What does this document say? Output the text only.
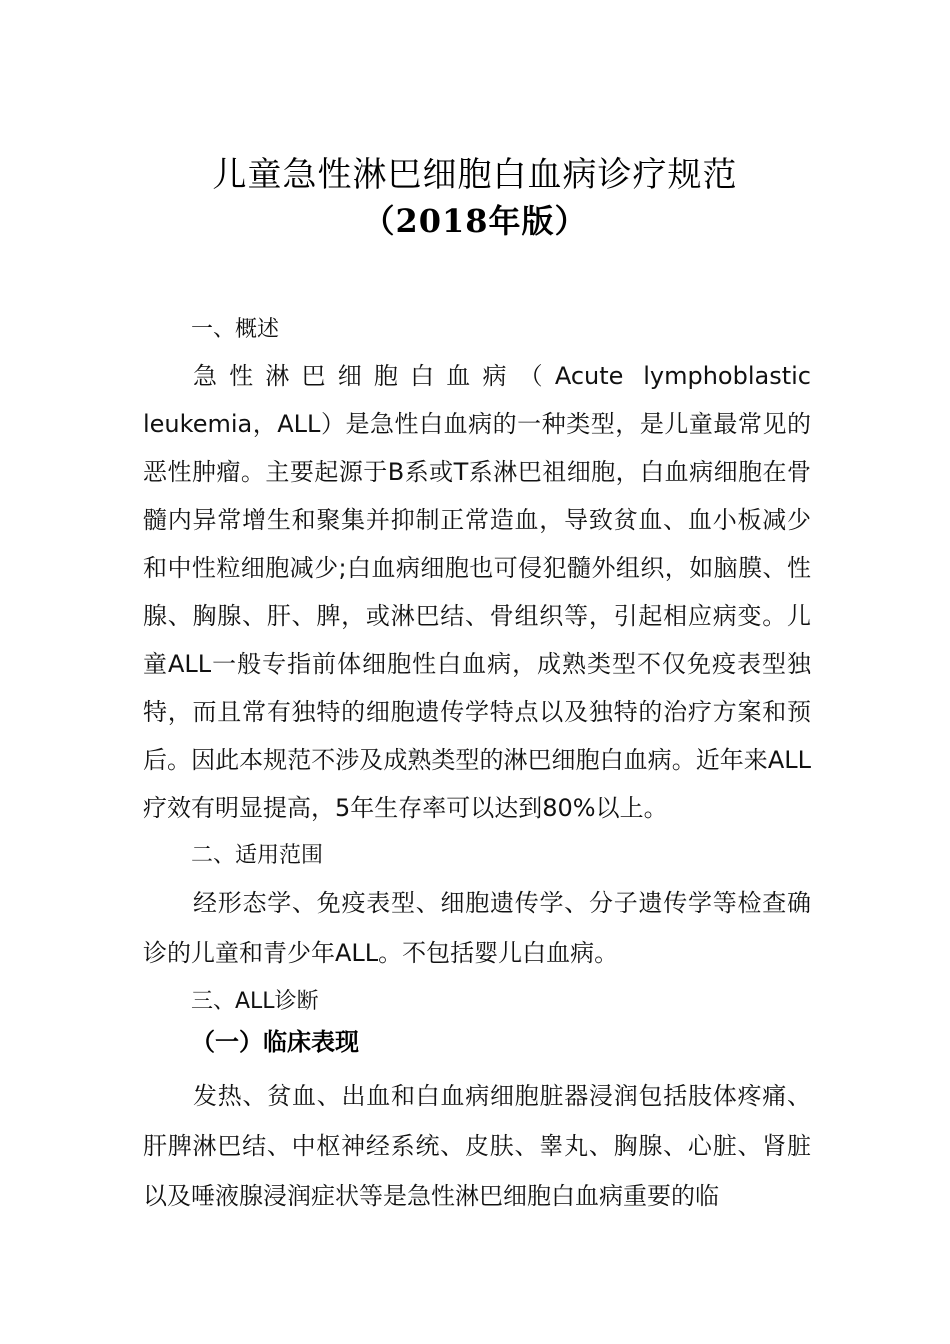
儿童急性淋巴细胞白血病诊疗规范
（2018年版）
一、概述

急性淋巴细胞白血病（Acute lymphoblastic leukemia，ALL）是急性白血病的一种类型，是儿童最常见的恶性肿瘤。主要起源于B系或T系淋巴祖细胞，白血病细胞在骨髓内异常增生和聚集并抑制正常造血，导致贫血、血小板减少和中性粒细胞减少;白血病细胞也可侵犯髓外组织，如脑膜、性腺、胸腺、肝、脾，或淋巴结、骨组织等，引起相应病变。儿童ALL一般专指前体细胞性白血病，成熟类型不仅免疫表型独特，而且常有独特的细胞遗传学特点以及独特的治疗方案和预后。因此本规范不涉及成熟类型的淋巴细胞白血病。近年来ALL疗效有明显提高，5年生存率可以达到80%以上。

二、适用范围

经形态学、免疫表型、细胞遗传学、分子遗传学等检查确诊的儿童和青少年ALL。不包括婴儿白血病。

三、ALL诊断
（一）临床表现

发热、贫血、出血和白血病细胞脏器浸润包括肢体疼痛、肝脾淋巴结、中枢神经系统、皮肤、睾丸、胸腺、心脏、肾脏以及唾液腺浸润症状等是急性淋巴细胞白血病重要的临
